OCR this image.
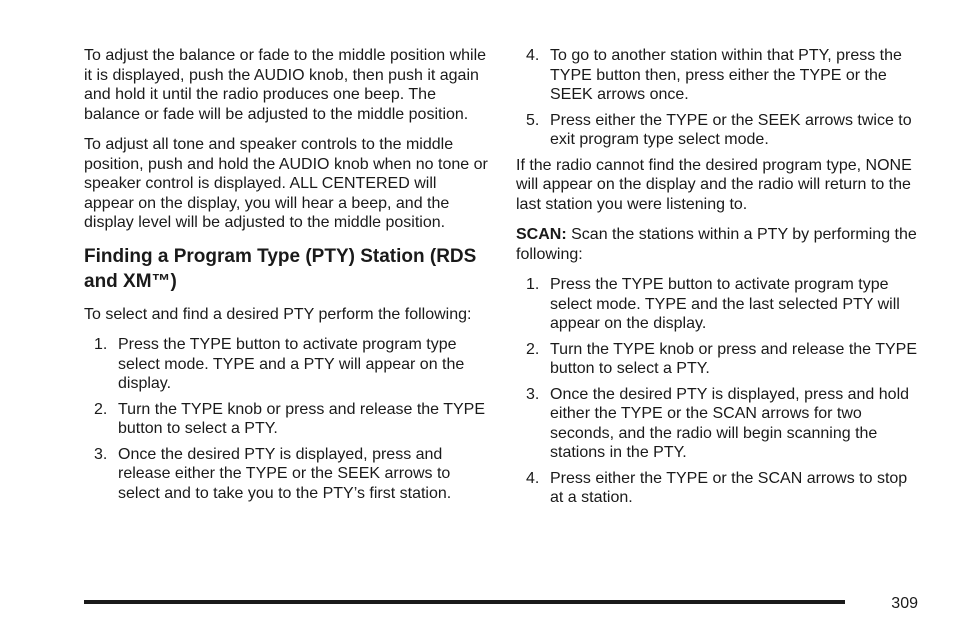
To adjust the balance or fade to the middle position while it is displayed, push the AUDIO knob, then push it again and hold it until the radio produces one beep. The balance or fade will be adjusted to the middle position.

To adjust all tone and speaker controls to the middle position, push and hold the AUDIO knob when no tone or speaker control is displayed. ALL CENTERED will appear on the display, you will hear a beep, and the display level will be adjusted to the middle position.

Finding a Program Type (PTY) Station (RDS and XM™)

To select and find a desired PTY perform the following:

1. Press the TYPE button to activate program type select mode. TYPE and a PTY will appear on the display.
2. Turn the TYPE knob or press and release the TYPE button to select a PTY.
3. Once the desired PTY is displayed, press and release either the TYPE or the SEEK arrows to select and to take you to the PTY’s first station.
4. To go to another station within that PTY, press the TYPE button then, press either the TYPE or the SEEK arrows once.
5. Press either the TYPE or the SEEK arrows twice to exit program type select mode.

If the radio cannot find the desired program type, NONE will appear on the display and the radio will return to the last station you were listening to.

SCAN: Scan the stations within a PTY by performing the following:

1. Press the TYPE button to activate program type select mode. TYPE and the last selected PTY will appear on the display.
2. Turn the TYPE knob or press and release the TYPE button to select a PTY.
3. Once the desired PTY is displayed, press and hold either the TYPE or the SCAN arrows for two seconds, and the radio will begin scanning the stations in the PTY.
4. Press either the TYPE or the SCAN arrows to stop at a station.
309
